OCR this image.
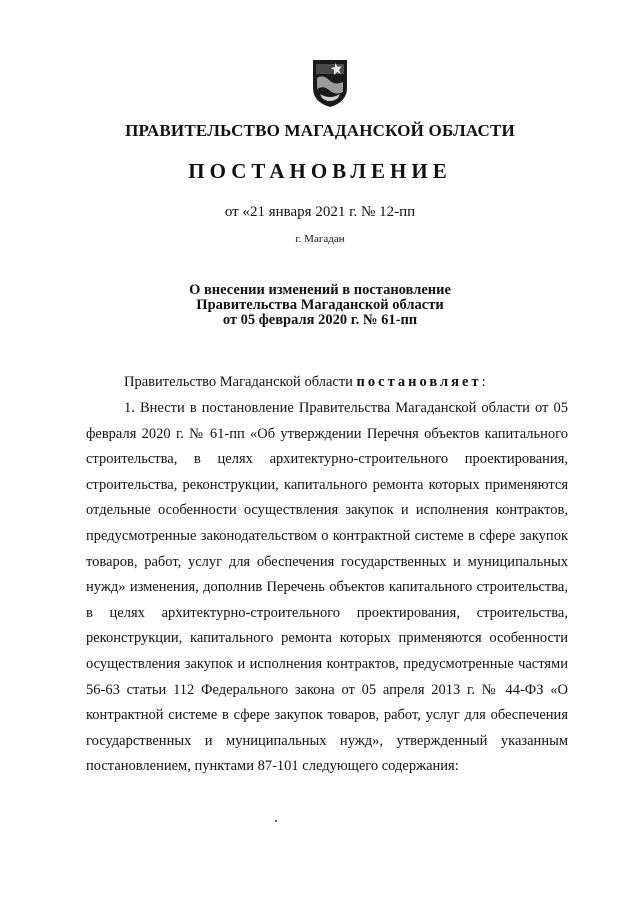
ПРАВИТЕЛЬСТВО МАГАДАНСКОЙ ОБЛАСТИ
ПОСТАНОВЛЕНИЕ
от «21 января 2021 г. № 12-пп
г. Магадан
О внесении изменений в постановление
Правительства Магаданской области
от 05 февраля 2020 г. № 61-пп
Правительство Магаданской области постановляет:
1. Внести в постановление Правительства Магаданской области от 05 февраля 2020 г. № 61-пп «Об утверждении Перечня объектов капитального строительства, в целях архитектурно-строительного проектирования, строительства, реконструкции, капитального ремонта которых применяются отдельные особенности осуществления закупок и исполнения контрактов, предусмотренные законодательством о контрактной системе в сфере закупок товаров, работ, услуг для обеспечения государственных и муниципальных нужд» изменения, дополнив Перечень объектов капитального строительства, в целях архитектурно-строительного проектирования, строительства, реконструкции, капитального ремонта которых применяются особенности осуществления закупок и исполнения контрактов, предусмотренные частями 56-63 статьи 112 Федерального закона от 05 апреля 2013 г. № 44-ФЗ «О контрактной системе в сфере закупок товаров, работ, услуг для обеспечения государственных и муниципальных нужд», утвержденный указанным постановлением, пунктами 87-101 следующего содержания:
